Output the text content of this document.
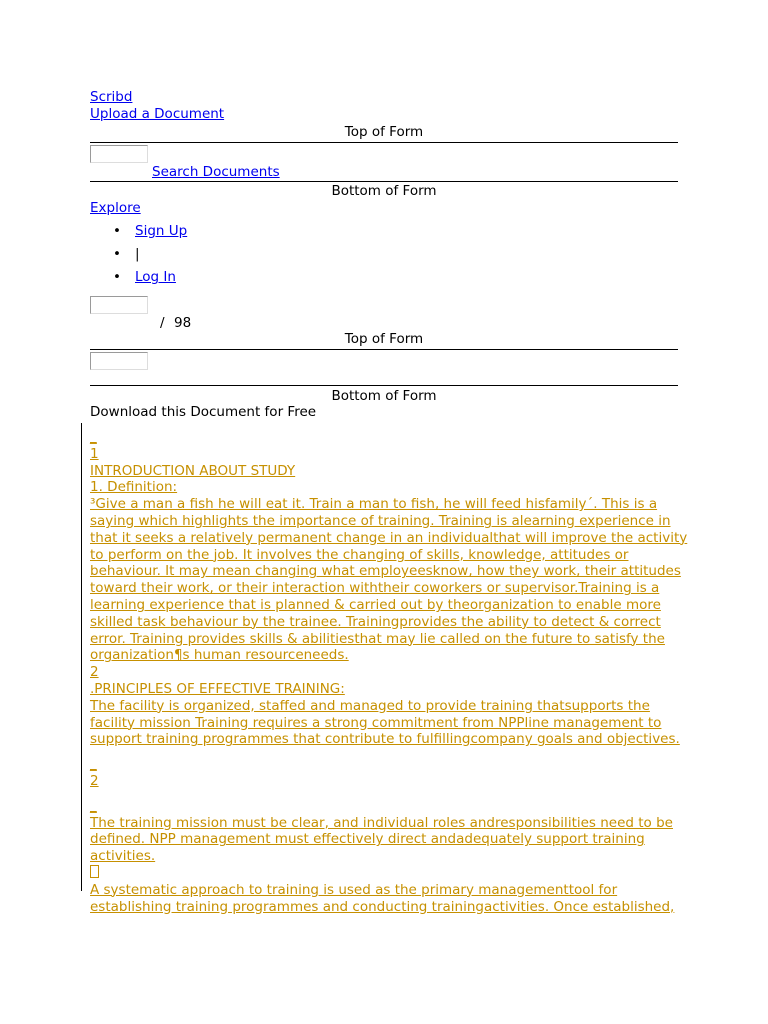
Scribd
Upload a Document
Top of Form
Search Documents
Bottom of Form
Explore
• Sign Up
• |
• Log In
/ 98
Top of Form
Bottom of Form
Download this Document for Free
_
1
INTRODUCTION ABOUT STUDY
1. Definition:
³Give a man a fish he will eat it. Train a man to fish, he will feed hisfamily´. This is a
saying which highlights the importance of training. Training is alearning experience in
that it seeks a relatively permanent change in an individualthat will improve the activity
to perform on the job. It involves the changing of skills, knowledge, attitudes or
behaviour. It may mean changing what employeesknow, how they work, their attitudes
toward their work, or their interaction withtheir coworkers or supervisor.Training is a
learning experience that is planned & carried out by theorganization to enable more
skilled task behaviour by the trainee. Trainingprovides the ability to detect & correct
error. Training provides skills & abilitiesthat may lie called on the future to satisfy the
organization¶s human resourceneeds.
2
.PRINCIPLES OF EFFECTIVE TRAINING:
The facility is organized, staffed and managed to provide training thatsupports the
facility mission Training requires a strong commitment from NPPline management to
support training programmes that contribute to fulfillingcompany goals and objectives.
_
2
_
The training mission must be clear, and individual roles andresponsibilities need to be
defined. NPP management must effectively direct andadequately support training
activities.
A systematic approach to training is used as the primary managementtool for
establishing training programmes and conducting trainingactivities. Once established,
